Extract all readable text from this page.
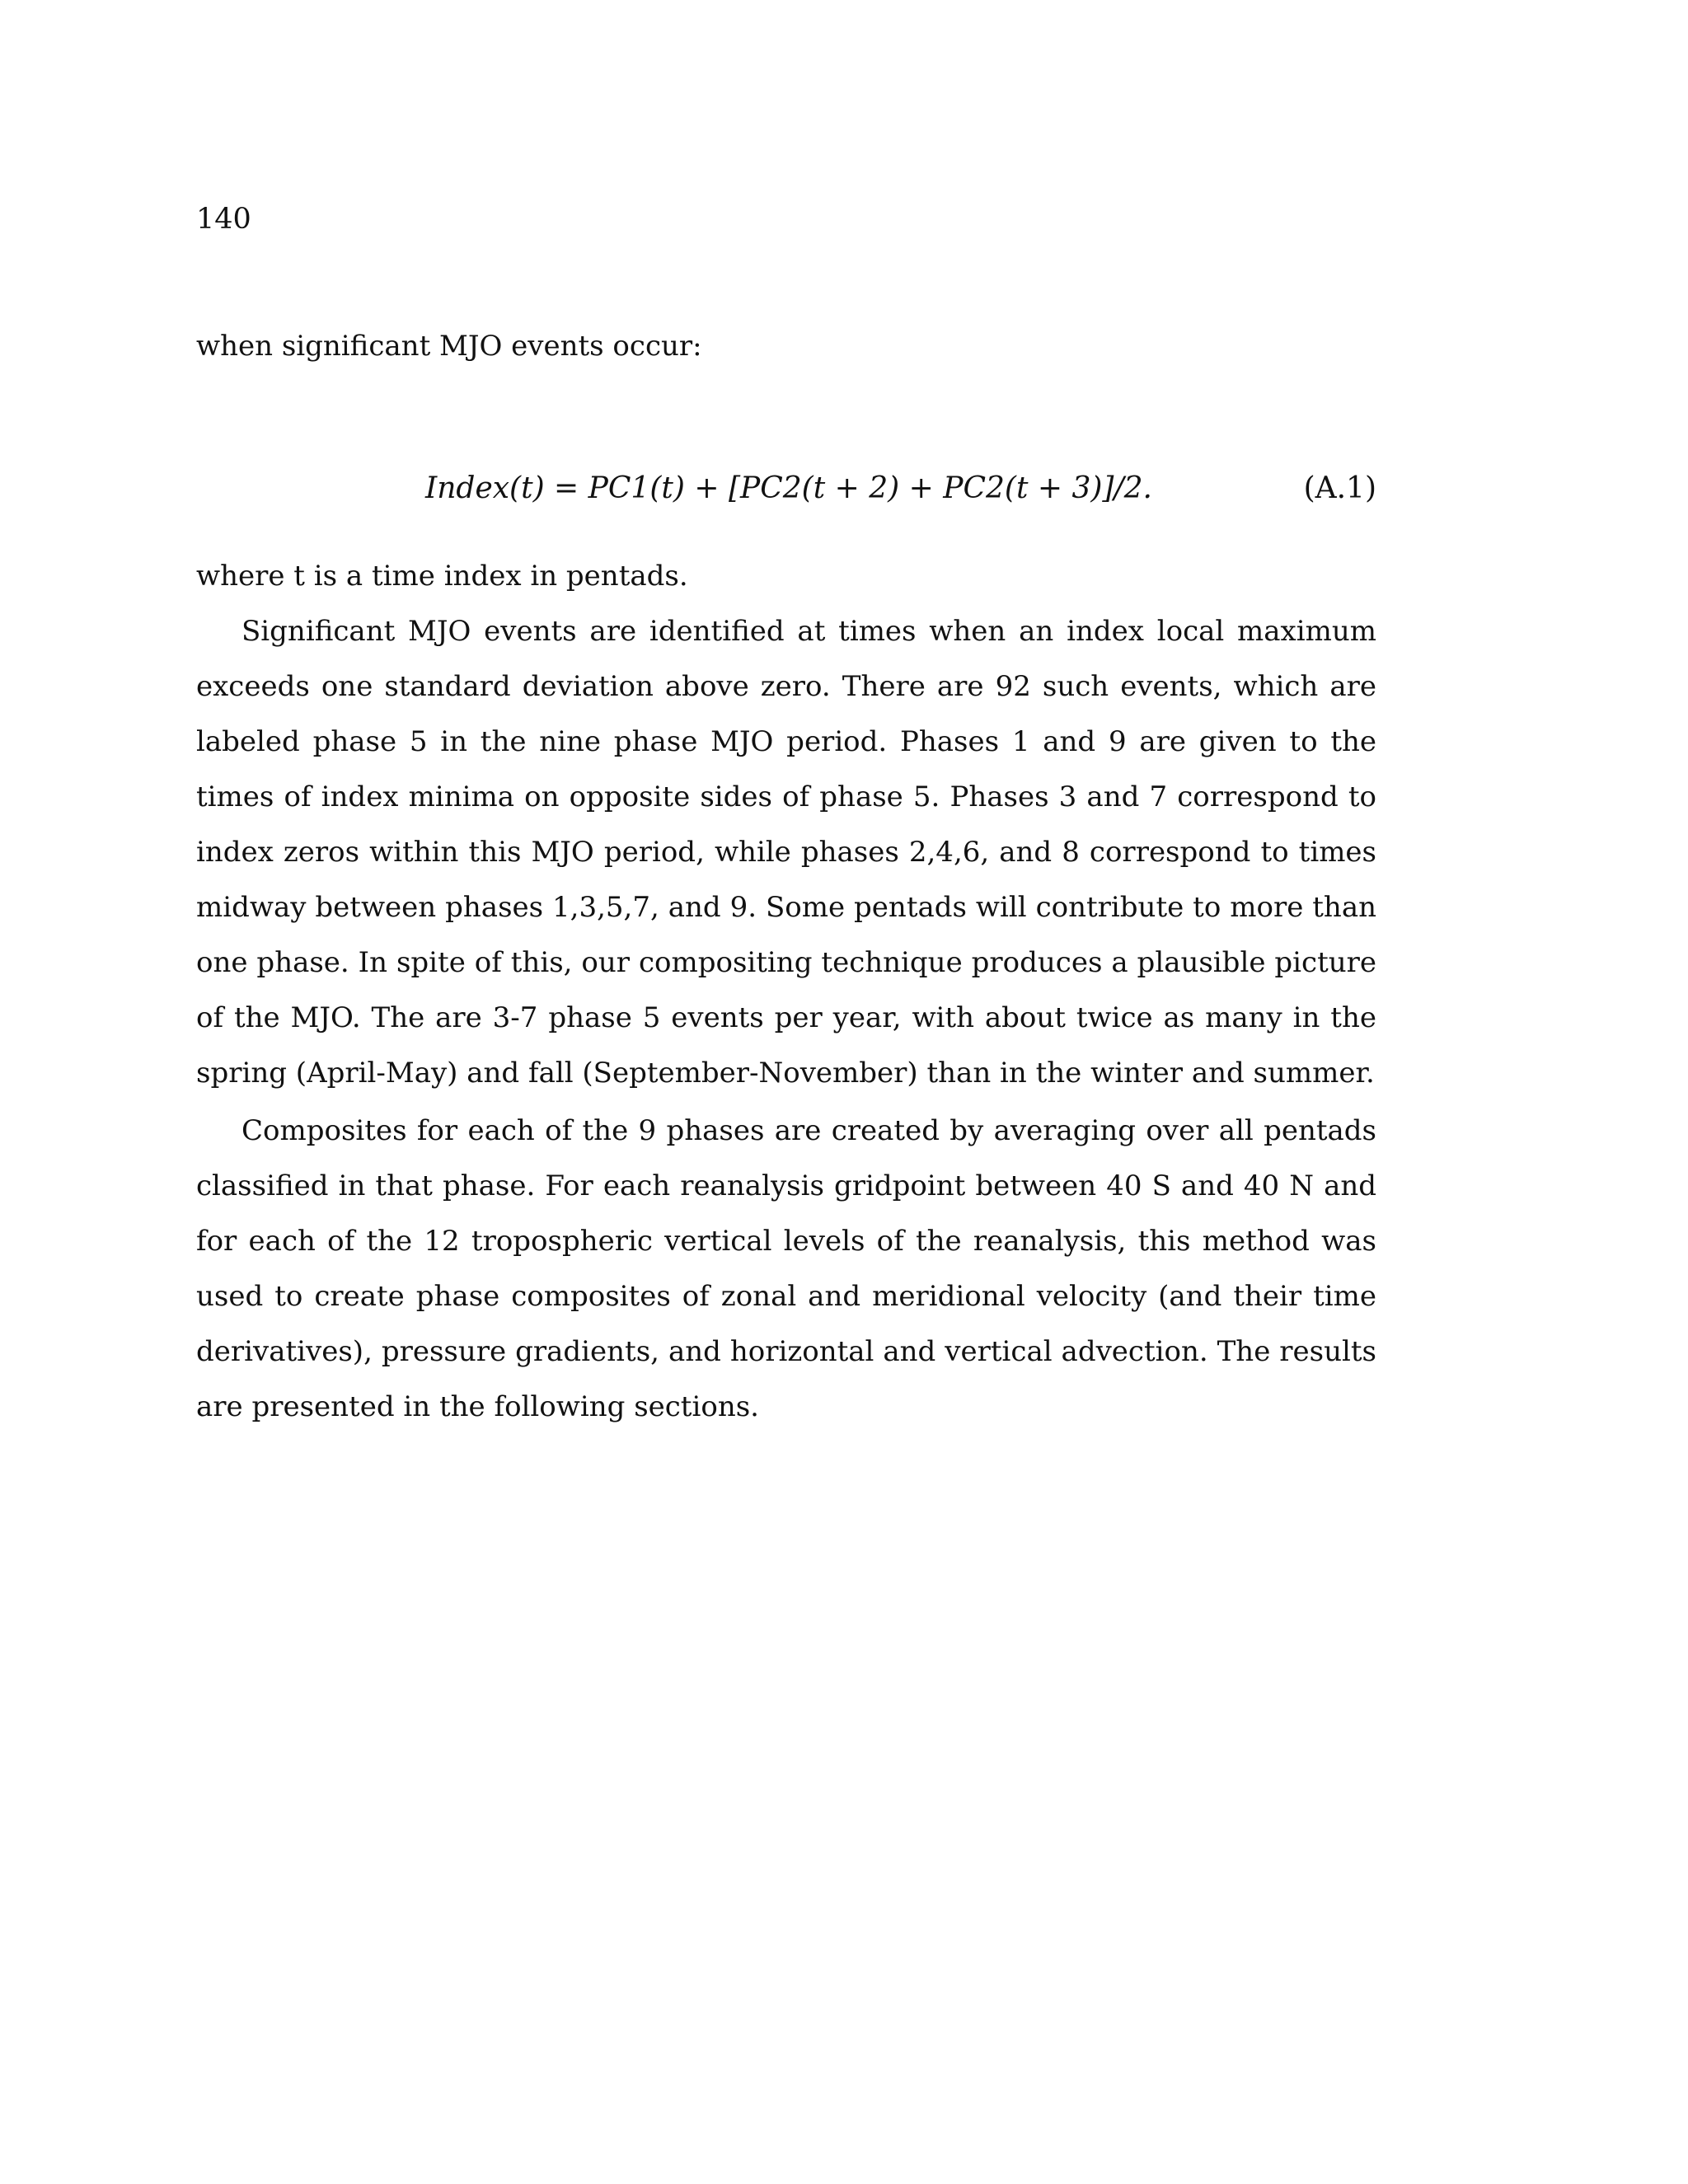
140

when significant MJO events occur:

Index(t) = PC1(t) + [PC2(t + 2) + PC2(t + 3)]/2.	(A.1)

where t is a time index in pentads.

Significant MJO events are identified at times when an index local maximum exceeds one standard deviation above zero. There are 92 such events, which are labeled phase 5 in the nine phase MJO period. Phases 1 and 9 are given to the times of index minima on opposite sides of phase 5. Phases 3 and 7 correspond to index zeros within this MJO period, while phases 2,4,6, and 8 correspond to times midway between phases 1,3,5,7, and 9. Some pentads will contribute to more than one phase. In spite of this, our compositing technique produces a plausible picture of the MJO. The are 3-7 phase 5 events per year, with about twice as many in the spring (April-May) and fall (September-November) than in the winter and summer.

Composites for each of the 9 phases are created by averaging over all pentads classified in that phase. For each reanalysis gridpoint between 40 S and 40 N and for each of the 12 tropospheric vertical levels of the reanalysis, this method was used to create phase composites of zonal and meridional velocity (and their time derivatives), pressure gradients, and horizontal and vertical advection. The results are presented in the following sections.
